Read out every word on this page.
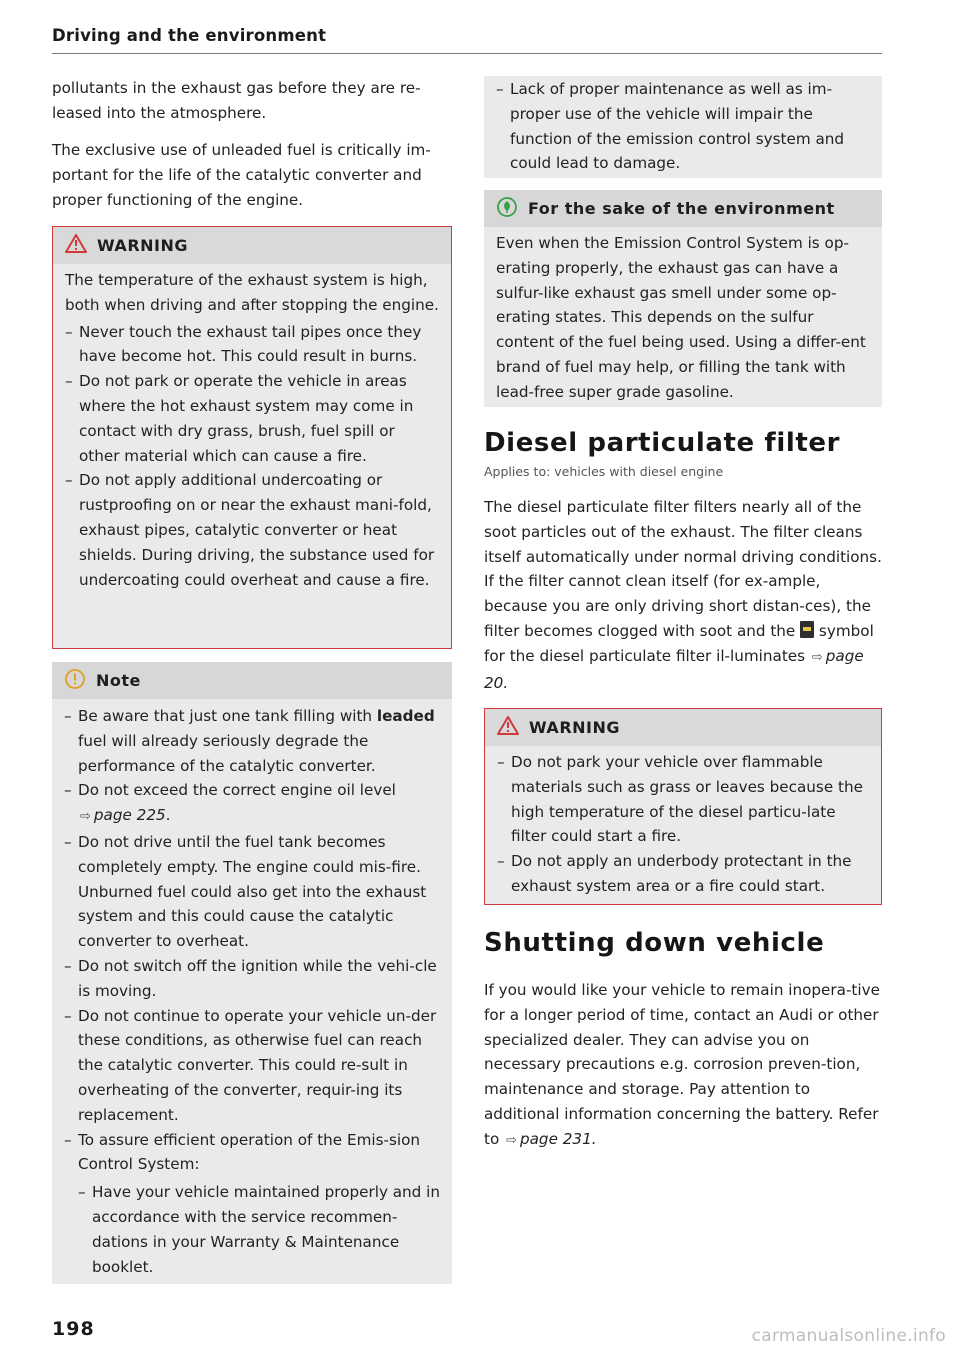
Driving and the environment

pollutants in the exhaust gas before they are re-leased into the atmosphere.

The exclusive use of unleaded fuel is critically im-portant for the life of the catalytic converter and proper functioning of the engine.

WARNING

The temperature of the exhaust system is high, both when driving and after stopping the engine.

– Never touch the exhaust tail pipes once they have become hot. This could result in burns.
– Do not park or operate the vehicle in areas where the hot exhaust system may come in contact with dry grass, brush, fuel spill or other material which can cause a fire.
– Do not apply additional undercoating or rustproofing on or near the exhaust mani-fold, exhaust pipes, catalytic converter or heat shields. During driving, the substance used for undercoating could overheat and cause a fire.
Note
– Be aware that just one tank filling with leaded fuel will already seriously degrade the performance of the catalytic converter.
– Do not exceed the correct engine oil level
⇨ page 225.
– Do not drive until the fuel tank becomes completely empty. The engine could mis-fire. Unburned fuel could also get into the exhaust system and this could cause the catalytic converter to overheat.
– Do not switch off the ignition while the vehi-cle is moving.
– Do not continue to operate your vehicle un-der these conditions, as otherwise fuel can reach the catalytic converter. This could re-sult in overheating of the converter, requir-ing its replacement.
– To assure efficient operation of the Emis-sion Control System:
– Have your vehicle maintained properly and in accordance with the service recommen-dations in your Warranty & Maintenance booklet.
– Lack of proper maintenance as well as im-proper use of the vehicle will impair the function of the emission control system and could lead to damage.
For the sake of the environment

Even when the Emission Control System is op-erating properly, the exhaust gas can have a sulfur-like exhaust gas smell under some op-erating states. This depends on the sulfur content of the fuel being used. Using a differ-ent brand of fuel may help, or filling the tank with lead-free super grade gasoline.

Diesel particulate filter
Applies to: vehicles with diesel engine

The diesel particulate filter filters nearly all of the soot particles out of the exhaust. The filter cleans itself automatically under normal driving conditions. If the filter cannot clean itself (for ex-ample, because you are only driving short distan-ces), the filter becomes clogged with soot and the  symbol for the diesel particulate filter il-luminates ⇨ page 20.

WARNING
– Do not park your vehicle over flammable materials such as grass or leaves because the high temperature of the diesel particu-late filter could start a fire.
– Do not apply an underbody protectant in the exhaust system area or a fire could start.
Shutting down vehicle

If you would like your vehicle to remain inopera-tive for a longer period of time, contact an Audi or other specialized dealer. They can advise you on necessary precautions e.g. corrosion preven-tion, maintenance and storage. Pay attention to additional information concerning the battery. Refer to ⇨ page 231.

198	carmanualsonline.info
